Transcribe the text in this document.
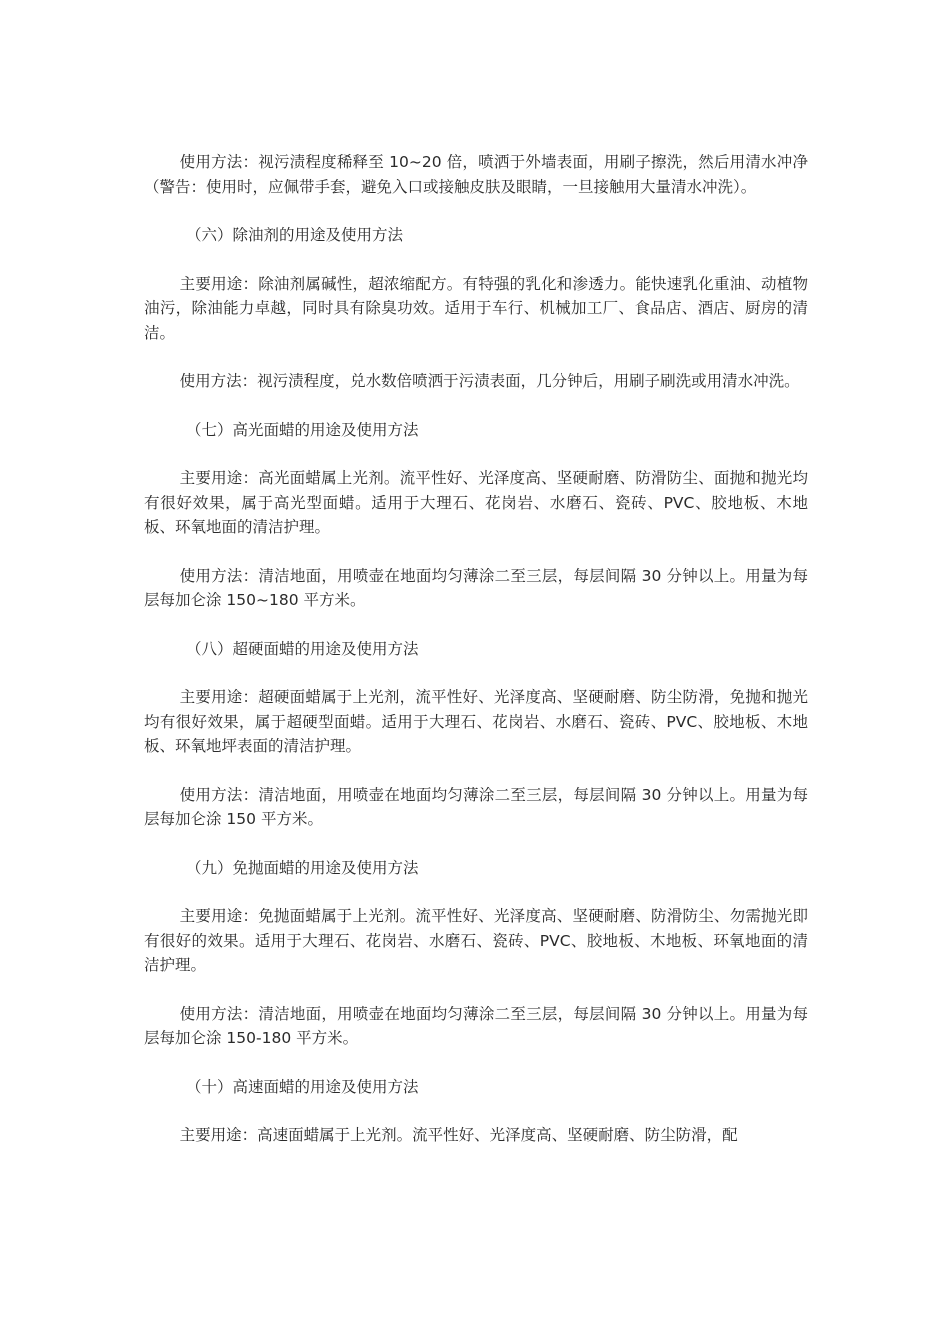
使用方法：视污渍程度稀释至 10~20 倍，喷洒于外墙表面，用刷子擦洗，然后用清水冲净（警告：使用时，应佩带手套，避免入口或接触皮肤及眼睛，一旦接触用大量清水冲洗）。

（六）除油剂的用途及使用方法

主要用途：除油剂属碱性，超浓缩配方。有特强的乳化和渗透力。能快速乳化重油、动植物油污，除油能力卓越，同时具有除臭功效。适用于车行、机械加工厂、食品店、酒店、厨房的清洁。

使用方法：视污渍程度，兑水数倍喷洒于污渍表面，几分钟后，用刷子刷洗或用清水冲洗。

（七）高光面蜡的用途及使用方法

主要用途：高光面蜡属上光剂。流平性好、光泽度高、坚硬耐磨、防滑防尘、面抛和抛光均有很好效果，属于高光型面蜡。适用于大理石、花岗岩、水磨石、瓷砖、PVC、胶地板、木地板、环氧地面的清洁护理。

使用方法：清洁地面，用喷壶在地面均匀薄涂二至三层，每层间隔 30 分钟以上。用量为每层每加仑涂 150~180 平方米。

（八）超硬面蜡的用途及使用方法

主要用途：超硬面蜡属于上光剂，流平性好、光泽度高、坚硬耐磨、防尘防滑，免抛和抛光均有很好效果，属于超硬型面蜡。适用于大理石、花岗岩、水磨石、瓷砖、PVC、胶地板、木地板、环氧地坪表面的清洁护理。

使用方法：清洁地面，用喷壶在地面均匀薄涂二至三层，每层间隔 30 分钟以上。用量为每层每加仑涂 150 平方米。

（九）免抛面蜡的用途及使用方法

主要用途：免抛面蜡属于上光剂。流平性好、光泽度高、坚硬耐磨、防滑防尘、勿需抛光即有很好的效果。适用于大理石、花岗岩、水磨石、瓷砖、PVC、胶地板、木地板、环氧地面的清洁护理。

使用方法：清洁地面，用喷壶在地面均匀薄涂二至三层，每层间隔 30 分钟以上。用量为每层每加仑涂 150-180 平方米。

（十）高速面蜡的用途及使用方法

主要用途：高速面蜡属于上光剂。流平性好、光泽度高、坚硬耐磨、防尘防滑，配
